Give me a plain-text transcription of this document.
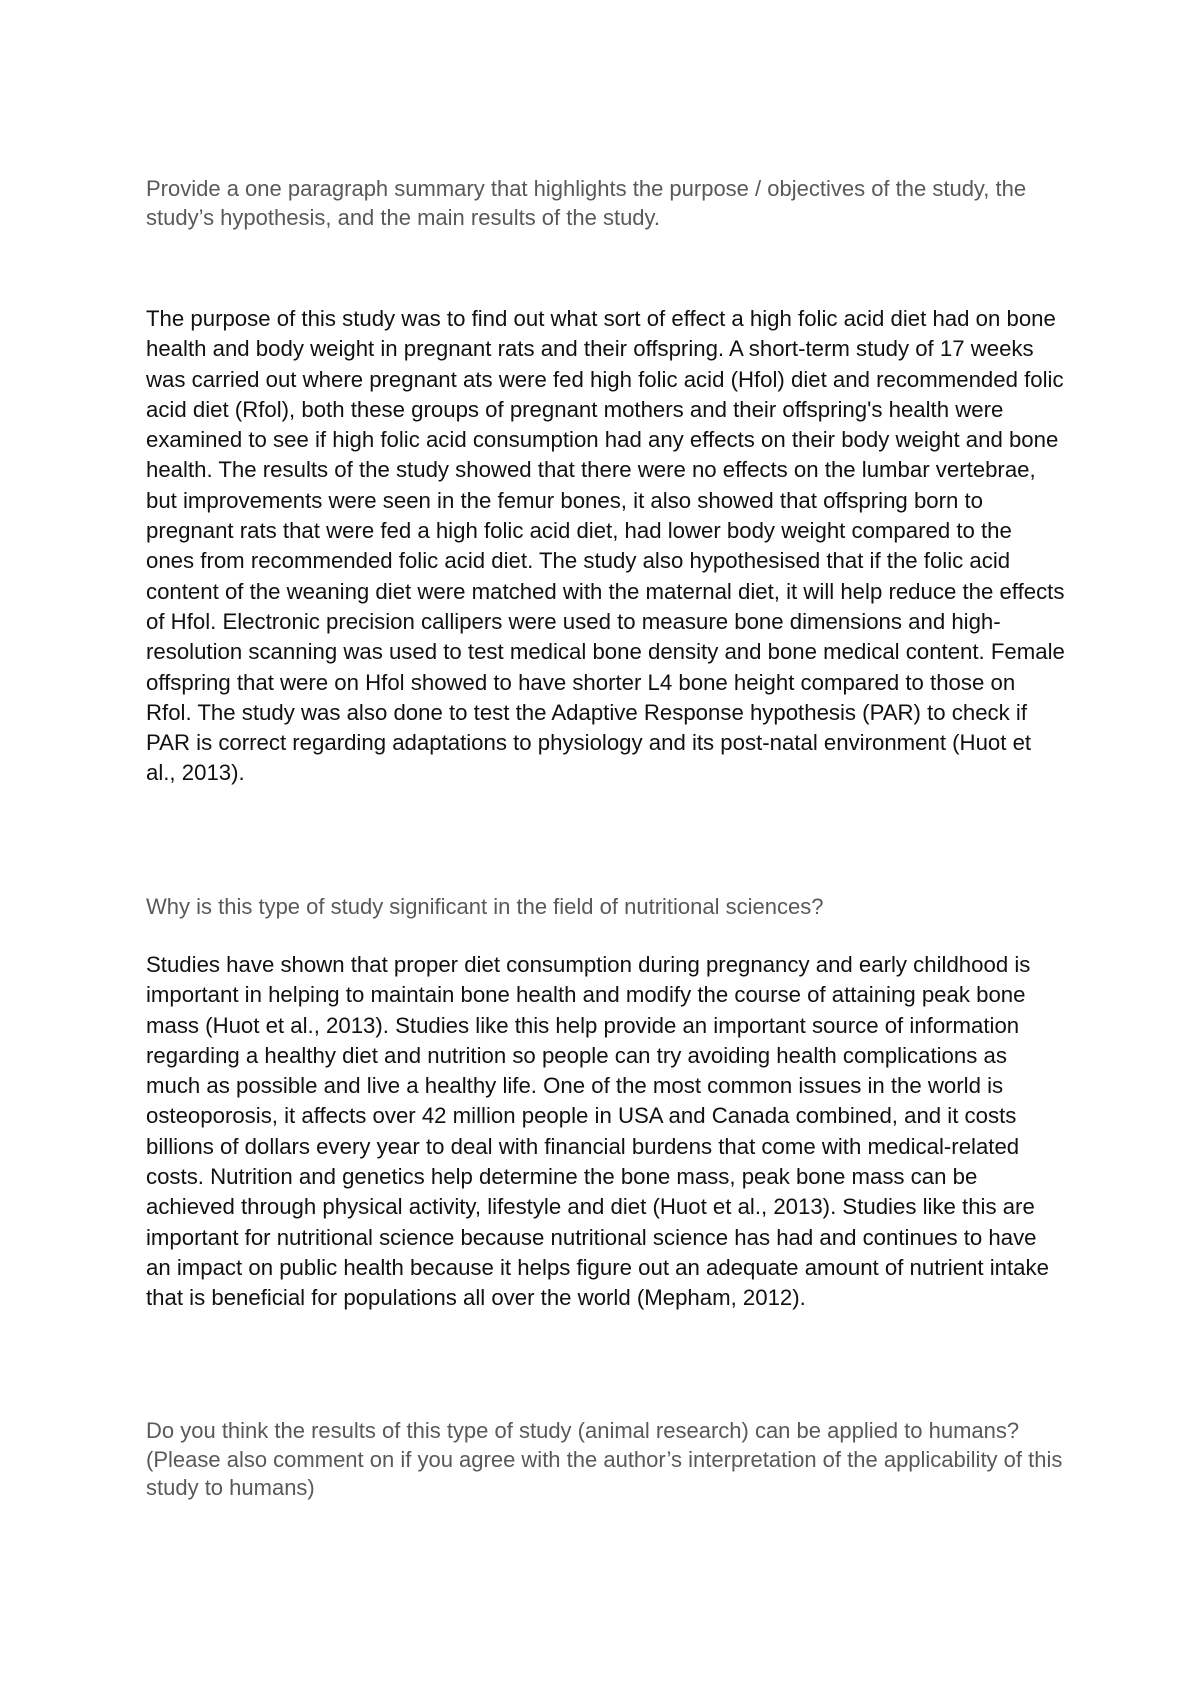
Provide a one paragraph summary that highlights the purpose / objectives of the study, the study’s hypothesis, and the main results of the study.

The purpose of this study was to find out what sort of effect a high folic acid diet had on bone health and body weight in pregnant rats and their offspring. A short-term study of 17 weeks was carried out where pregnant ats were fed high folic acid (Hfol) diet and recommended folic acid diet (Rfol), both these groups of pregnant mothers and their offspring's health were examined to see if high folic acid consumption had any effects on their body weight and bone health. The results of the study showed that there were no effects on the lumbar vertebrae, but improvements were seen in the femur bones, it also showed that offspring born to pregnant rats that were fed a high folic acid diet, had lower body weight compared to the ones from recommended folic acid diet. The study also hypothesised that if the folic acid content of the weaning diet were matched with the maternal diet, it will help reduce the effects of Hfol. Electronic precision callipers were used to measure bone dimensions and high-resolution scanning was used to test medical bone density and bone medical content. Female offspring that were on Hfol showed to have shorter L4 bone height compared to those on Rfol. The study was also done to test the Adaptive Response hypothesis (PAR) to check if PAR is correct regarding adaptations to physiology and its post-natal environment (Huot et al., 2013).

Why is this type of study significant in the field of nutritional sciences?

Studies have shown that proper diet consumption during pregnancy and early childhood is important in helping to maintain bone health and modify the course of attaining peak bone mass (Huot et al., 2013). Studies like this help provide an important source of information regarding a healthy diet and nutrition so people can try avoiding health complications as much as possible and live a healthy life. One of the most common issues in the world is osteoporosis, it affects over 42 million people in USA and Canada combined, and it costs billions of dollars every year to deal with financial burdens that come with medical-related costs. Nutrition and genetics help determine the bone mass, peak bone mass can be achieved through physical activity, lifestyle and diet (Huot et al., 2013). Studies like this are important for nutritional science because nutritional science has had and continues to have an impact on public health because it helps figure out an adequate amount of nutrient intake that is beneficial for populations all over the world (Mepham, 2012).

Do you think the results of this type of study (animal research) can be applied to humans? (Please also comment on if you agree with the author’s interpretation of the applicability of this study to humans)
